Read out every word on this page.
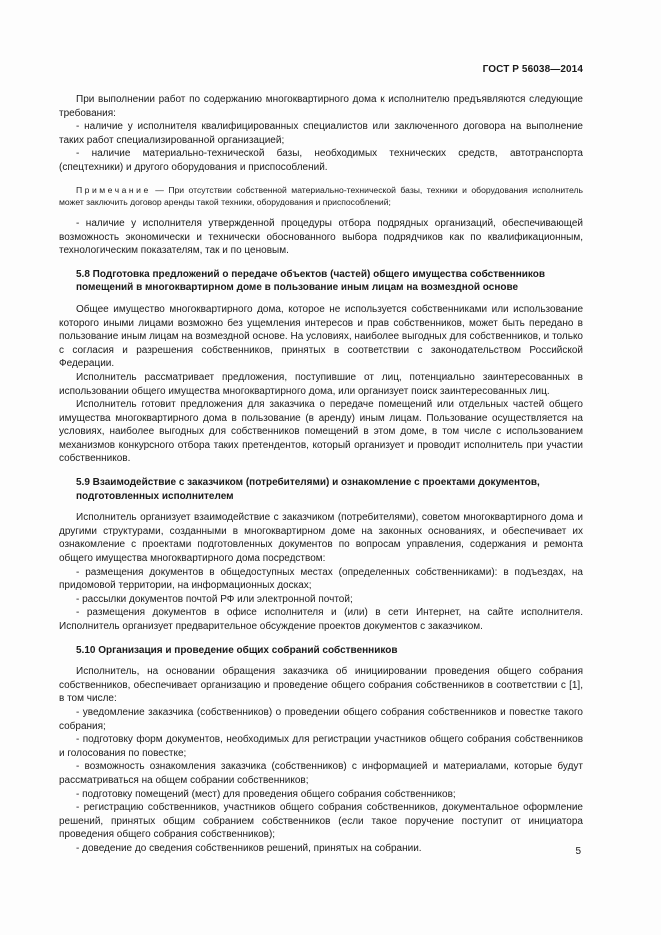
ГОСТ Р 56038—2014

При выполнении работ по содержанию многоквартирного дома к исполнителю предъявляются следующие требования:

- наличие у исполнителя квалифицированных специалистов или заключенного договора на выполнение таких работ специализированной организацией;

- наличие материально-технической базы, необходимых технических средств, автотранспорта (спецтехники) и другого оборудования и приспособлений.

Примечание — При отсутствии собственной материально-технической базы, техники и оборудования исполнитель может заключить договор аренды такой техники, оборудования и приспособлений;

- наличие у исполнителя утвержденной процедуры отбора подрядных организаций, обеспечивающей возможность экономически и технически обоснованного выбора подрядчиков как по квалификационным, технологическим показателям, так и по ценовым.

5.8 Подготовка предложений о передаче объектов (частей) общего имущества собственников помещений в многоквартирном доме в пользование иным лицам на возмездной основе

Общее имущество многоквартирного дома, которое не используется собственниками или использование которого иными лицами возможно без ущемления интересов и прав собственников, может быть передано в пользование иным лицам на возмездной основе. На условиях, наиболее выгодных для собственников, и только с согласия и разрешения собственников, принятых в соответствии с законодательством Российской Федерации.

Исполнитель рассматривает предложения, поступившие от лиц, потенциально заинтересованных в использовании общего имущества многоквартирного дома, или организует поиск заинтересованных лиц.

Исполнитель готовит предложения для заказчика о передаче помещений или отдельных частей общего имущества многоквартирного дома в пользование (в аренду) иным лицам. Пользование осуществляется на условиях, наиболее выгодных для собственников помещений в этом доме, в том числе с использованием механизмов конкурсного отбора таких претендентов, который организует и проводит исполнитель при участии собственников.

5.9 Взаимодействие с заказчиком (потребителями) и ознакомление с проектами документов, подготовленных исполнителем

Исполнитель организует взаимодействие с заказчиком (потребителями), советом многоквартирного дома и другими структурами, созданными в многоквартирном доме на законных основаниях, и обеспечивает их ознакомление с проектами подготовленных документов по вопросам управления, содержания и ремонта общего имущества многоквартирного дома посредством:

- размещения документов в общедоступных местах (определенных собственниками): в подъездах, на придомовой территории, на информационных досках;

- рассылки документов почтой РФ или электронной почтой;

- размещения документов в офисе исполнителя и (или) в сети Интернет, на сайте исполнителя. Исполнитель организует предварительное обсуждение проектов документов с заказчиком.

5.10 Организация и проведение общих собраний собственников

Исполнитель, на основании обращения заказчика об инициировании проведения общего собрания собственников, обеспечивает организацию и проведение общего собрания собственников в соответствии с [1], в том числе:

- уведомление заказчика (собственников) о проведении общего собрания собственников и повестке такого собрания;

- подготовку форм документов, необходимых для регистрации участников общего собрания собственников и голосования по повестке;

- возможность ознакомления заказчика (собственников) с информацией и материалами, которые будут рассматриваться на общем собрании собственников;

- подготовку помещений (мест) для проведения общего собрания собственников;

- регистрацию собственников, участников общего собрания собственников, документальное оформление решений, принятых общим собранием собственников (если такое поручение поступит от инициатора проведения общего собрания собственников);

- доведение до сведения собственников решений, принятых на собрании.	5
